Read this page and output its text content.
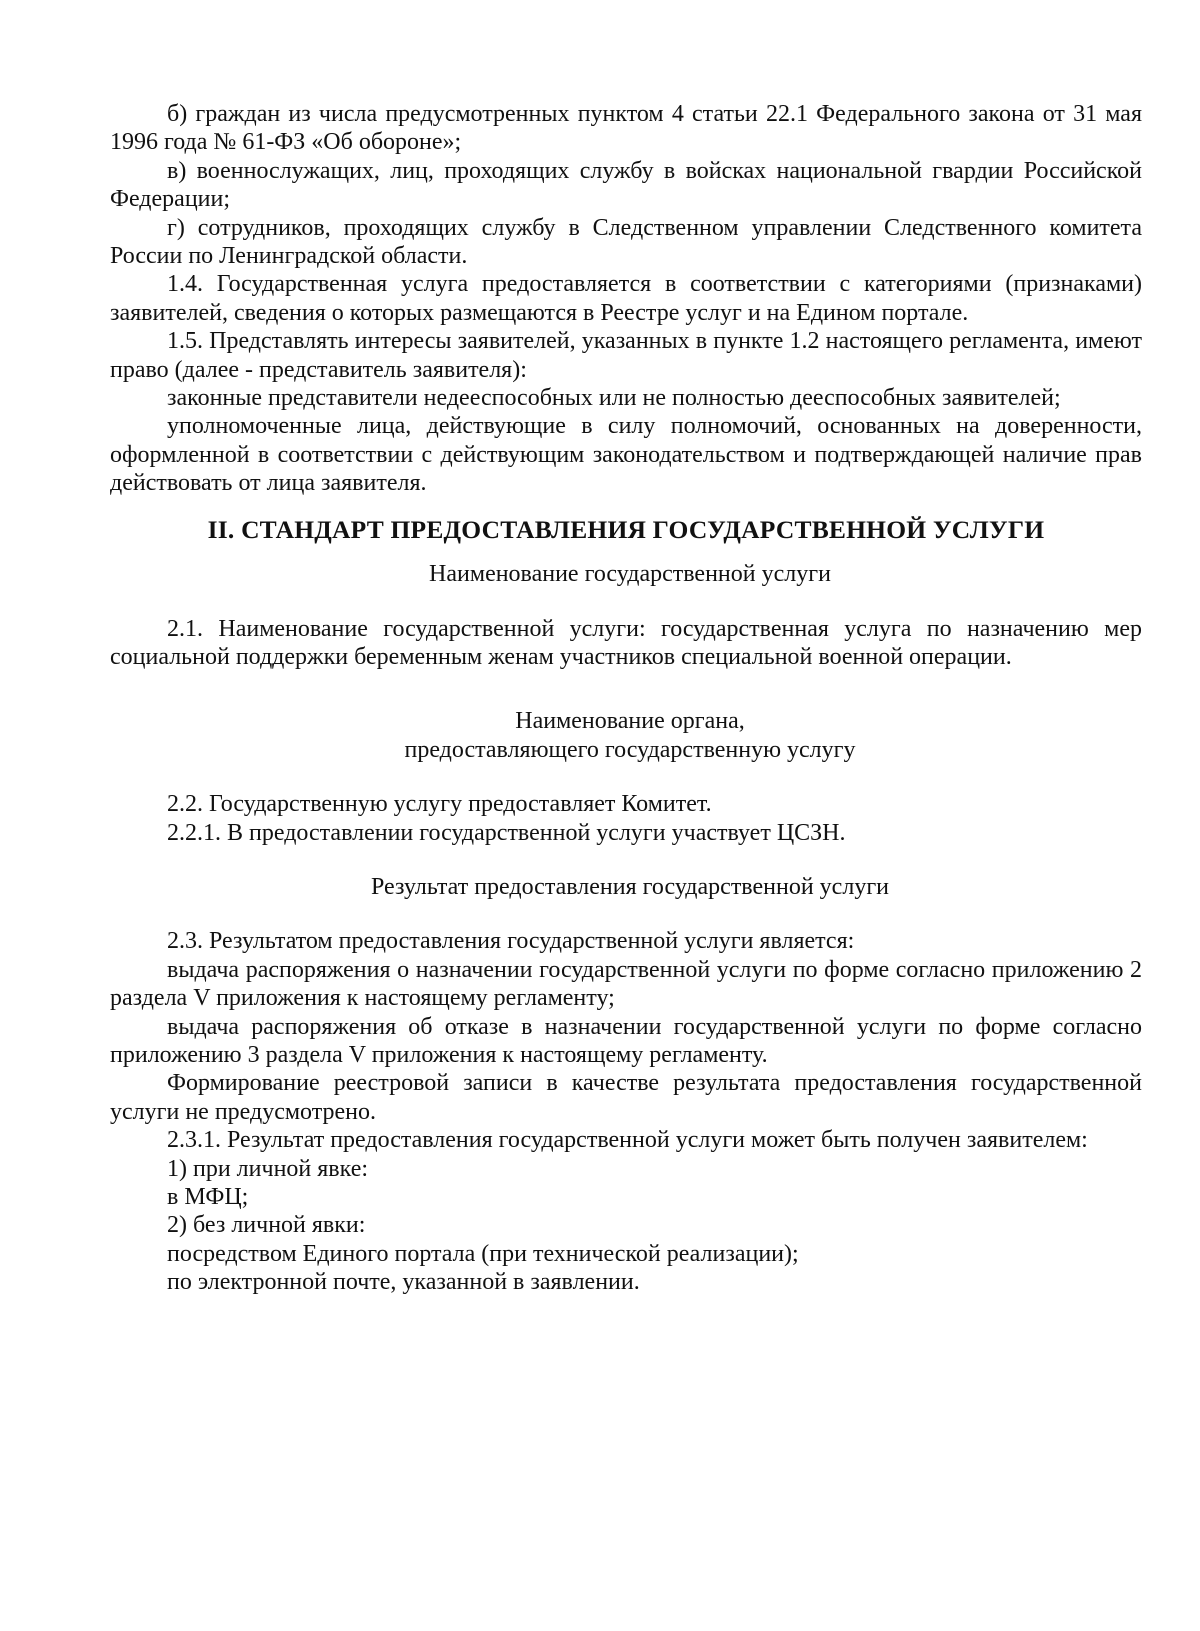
б) граждан из числа предусмотренных пунктом 4 статьи 22.1 Федерального закона от 31 мая 1996 года № 61-ФЗ «Об обороне»;

в) военнослужащих, лиц, проходящих службу в войсках национальной гвардии Российской Федерации;

г) сотрудников, проходящих службу в Следственном управлении Следственного комитета России по Ленинградской области.

1.4. Государственная услуга предоставляется в соответствии с категориями (признаками) заявителей, сведения о которых размещаются в Реестре услуг и на Едином портале.

1.5. Представлять интересы заявителей, указанных в пункте 1.2 настоящего регламента, имеют право (далее - представитель заявителя):

законные представители недееспособных или не полностью дееспособных заявителей;

уполномоченные лица, действующие в силу полномочий, основанных на доверенности, оформленной в соответствии с действующим законодательством и подтверждающей наличие прав действовать от лица заявителя.

II. СТАНДАРТ ПРЕДОСТАВЛЕНИЯ ГОСУДАРСТВЕННОЙ УСЛУГИ

Наименование государственной услуги

2.1. Наименование государственной услуги: государственная услуга по назначению мер социальной поддержки беременным женам участников специальной военной операции.

Наименование органа,
предоставляющего государственную услугу

2.2. Государственную услугу предоставляет Комитет.

2.2.1. В предоставлении государственной услуги участвует ЦСЗН.

Результат предоставления государственной услуги

2.3. Результатом предоставления государственной услуги является:

выдача распоряжения о назначении государственной услуги по форме согласно приложению 2 раздела V приложения к настоящему регламенту;

выдача распоряжения об отказе в назначении государственной услуги по форме согласно приложению 3 раздела V приложения к настоящему регламенту.

Формирование реестровой записи в качестве результата предоставления государственной услуги не предусмотрено.

2.3.1. Результат предоставления государственной услуги может быть получен заявителем:

1) при личной явке:

в МФЦ;

2) без личной явки:

посредством Единого портала (при технической реализации);

по электронной почте, указанной в заявлении.
